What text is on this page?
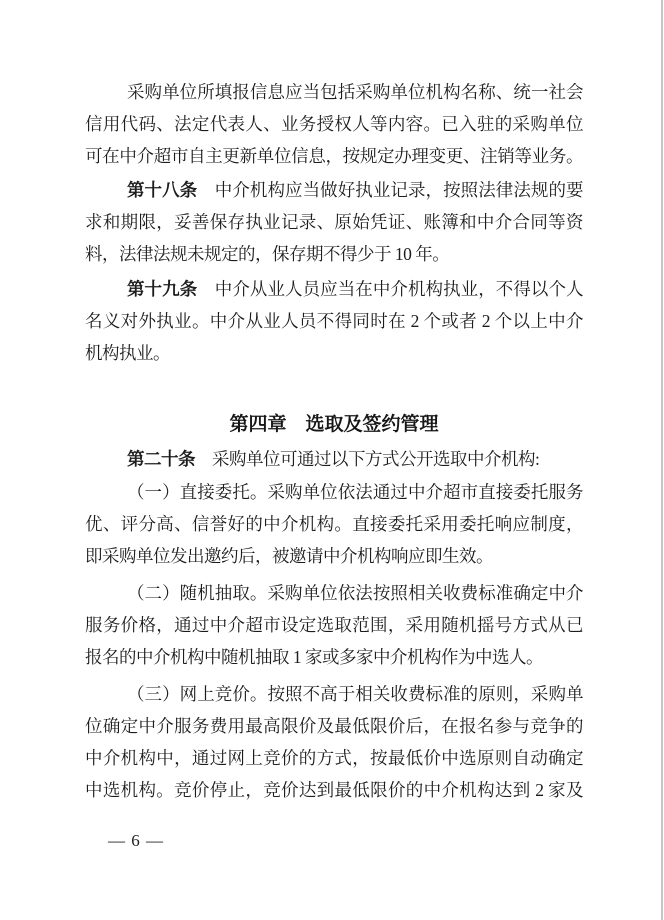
采购单位所填报信息应当包括采购单位机构名称、统一社会
信用代码、法定代表人、业务授权人等内容。已入驻的采购单位
可在中介超市自主更新单位信息，按规定办理变更、注销等业务。
第十八条　中介机构应当做好执业记录，按照法律法规的要
求和期限，妥善保存执业记录、原始凭证、账簿和中介合同等资
料，法律法规未规定的，保存期不得少于 10 年。
第十九条　中介从业人员应当在中介机构执业，不得以个人
名义对外执业。中介从业人员不得同时在 2 个或者 2 个以上中介
机构执业。
第四章　选取及签约管理
第二十条　采购单位可通过以下方式公开选取中介机构:
（一）直接委托。采购单位依法通过中介超市直接委托服务
优、评分高、信誉好的中介机构。直接委托采用委托响应制度，
即采购单位发出邀约后，被邀请中介机构响应即生效。
（二）随机抽取。采购单位依法按照相关收费标准确定中介
服务价格，通过中介超市设定选取范围，采用随机摇号方式从已
报名的中介机构中随机抽取 1 家或多家中介机构作为中选人。
（三）网上竞价。按照不高于相关收费标准的原则，采购单
位确定中介服务费用最高限价及最低限价后，在报名参与竞争的
中介机构中，通过网上竞价的方式，按最低价中选原则自动确定
中选机构。竞价停止，竞价达到最低限价的中介机构达到 2 家及
— 6 —
